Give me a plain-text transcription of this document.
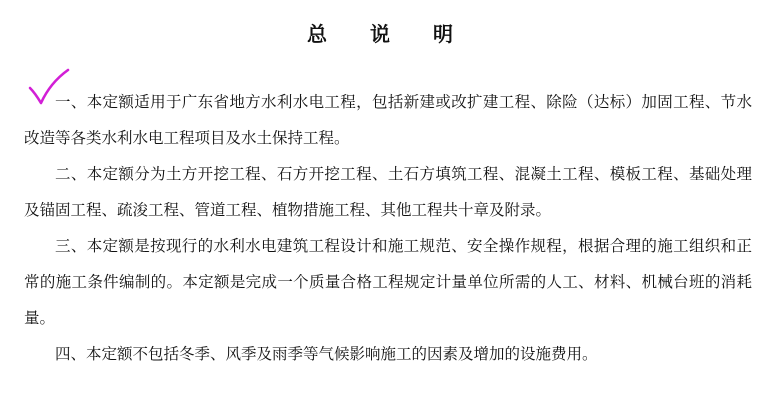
总 说 明

一、本定额适用于广东省地方水利水电工程，包括新建或改扩建工程、除险（达标）加固工程、节水改造等各类水利水电工程项目及水土保持工程。

二、本定额分为土方开挖工程、石方开挖工程、土石方填筑工程、混凝土工程、模板工程、基础处理及锚固工程、疏浚工程、管道工程、植物措施工程、其他工程共十章及附录。

三、本定额是按现行的水利水电建筑工程设计和施工规范、安全操作规程，根据合理的施工组织和正常的施工条件编制的。本定额是完成一个质量合格工程规定计量单位所需的人工、材料、机械台班的消耗量。

四、本定额不包括冬季、风季及雨季等气候影响施工的因素及增加的设施费用。
